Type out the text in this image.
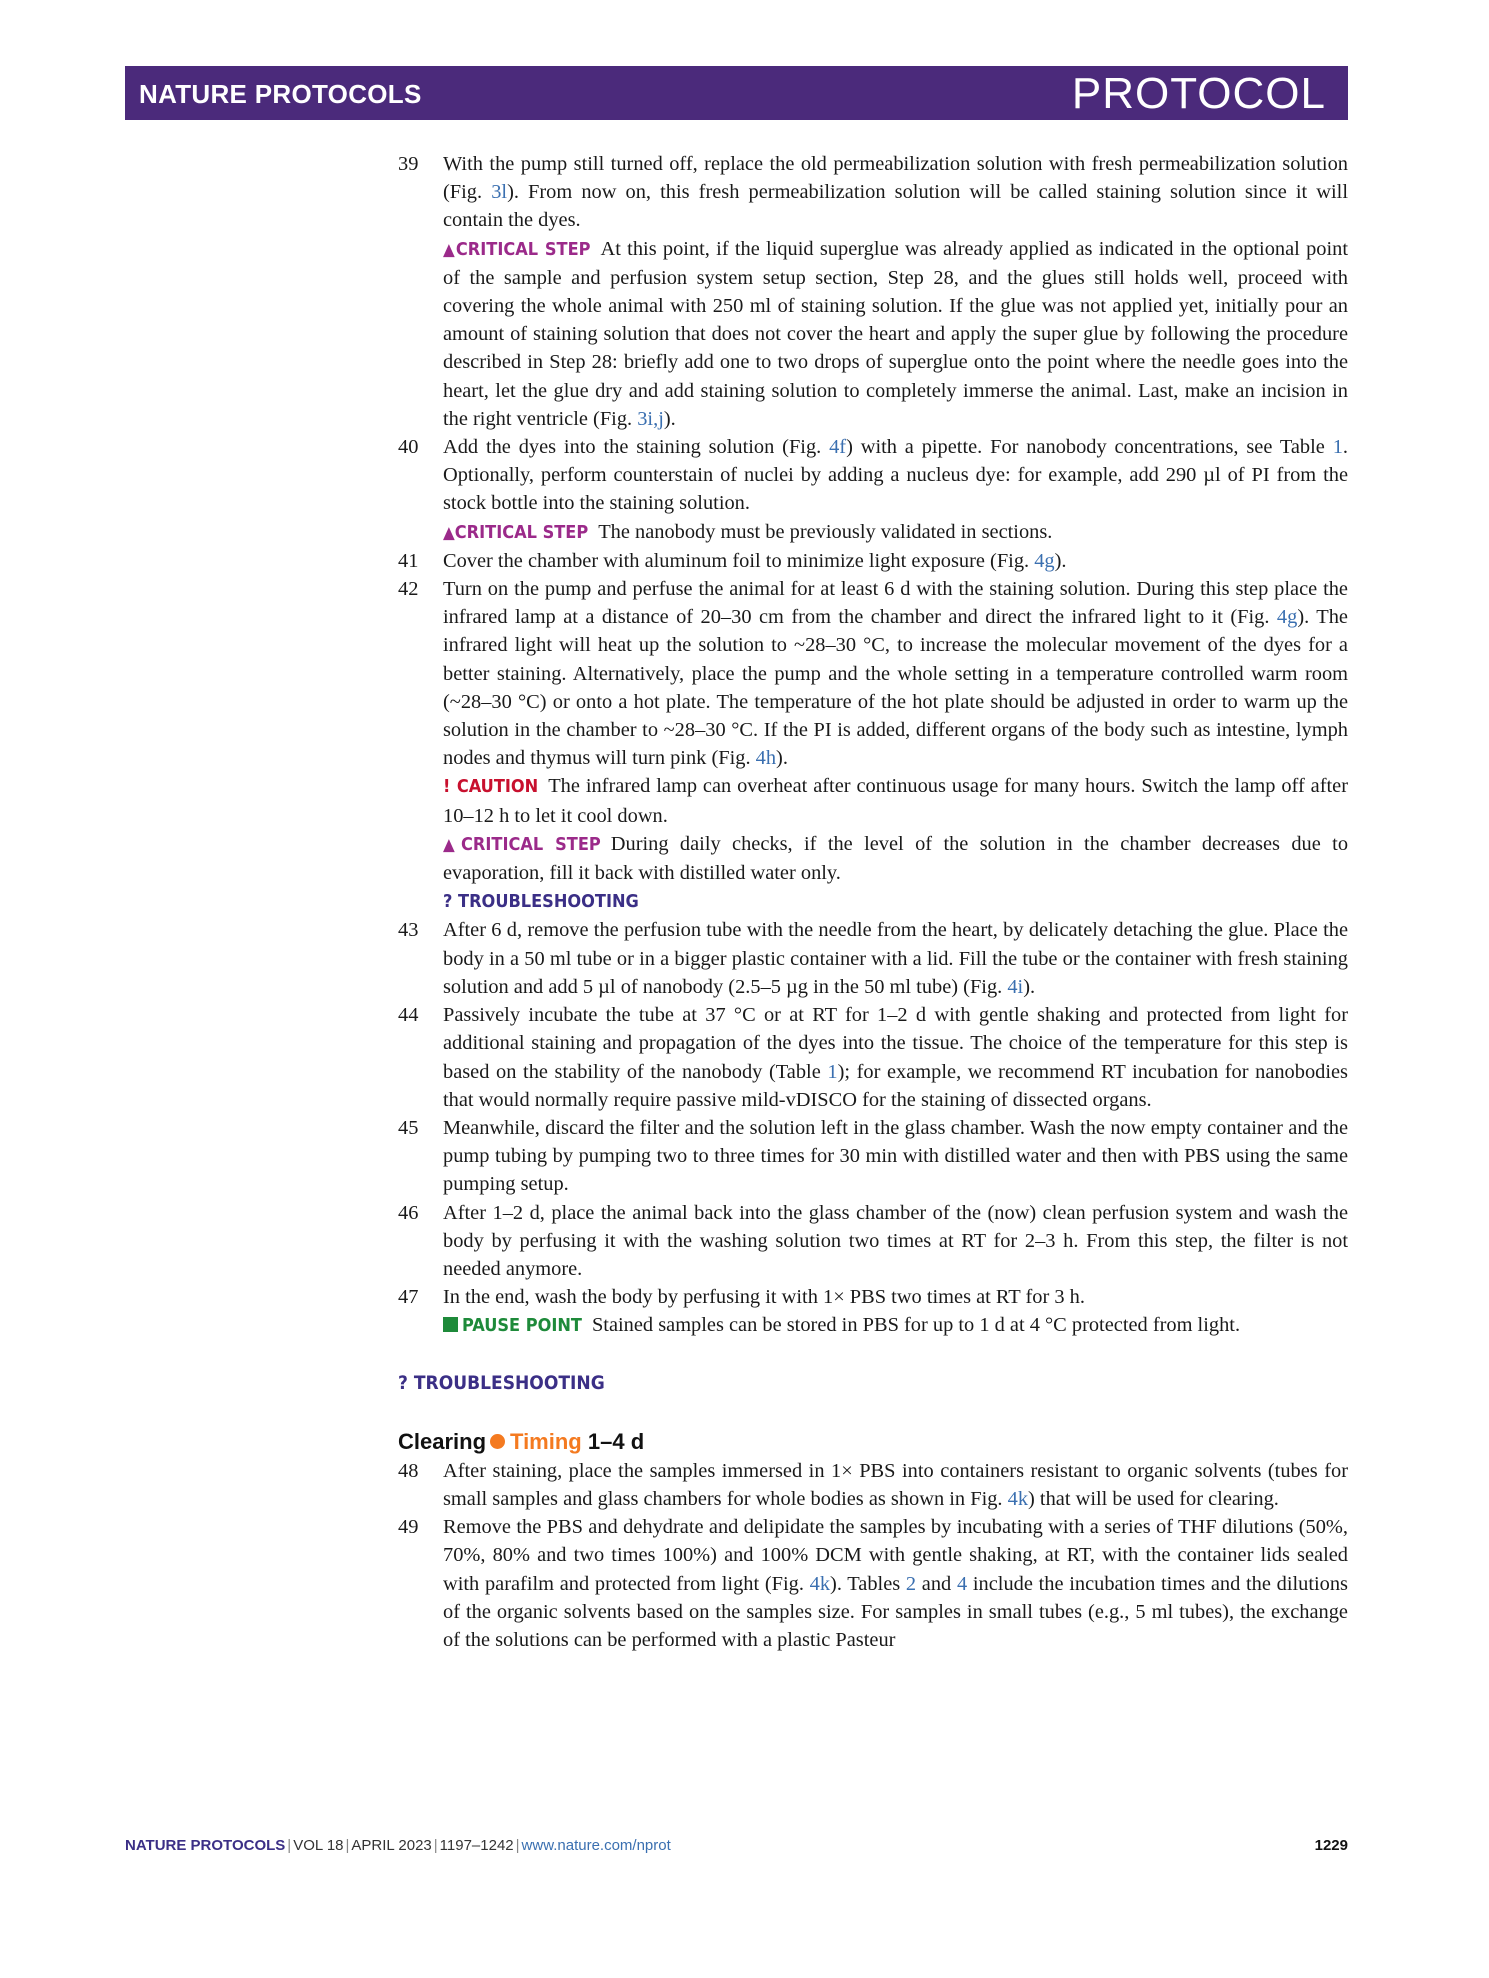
NATURE PROTOCOLS	PROTOCOL
39 With the pump still turned off, replace the old permeabilization solution with fresh permeabilization solution (Fig. 3l). From now on, this fresh permeabilization solution will be called staining solution since it will contain the dyes.
▲CRITICAL STEP At this point, if the liquid superglue was already applied as indicated in the optional point of the sample and perfusion system setup section, Step 28, and the glues still holds well, proceed with covering the whole animal with 250 ml of staining solution. If the glue was not applied yet, initially pour an amount of staining solution that does not cover the heart and apply the super glue by following the procedure described in Step 28: briefly add one to two drops of superglue onto the point where the needle goes into the heart, let the glue dry and add staining solution to completely immerse the animal. Last, make an incision in the right ventricle (Fig. 3i,j).
40 Add the dyes into the staining solution (Fig. 4f) with a pipette. For nanobody concentrations, see Table 1. Optionally, perform counterstain of nuclei by adding a nucleus dye: for example, add 290 µl of PI from the stock bottle into the staining solution.
▲CRITICAL STEP The nanobody must be previously validated in sections.
41 Cover the chamber with aluminum foil to minimize light exposure (Fig. 4g).
42 Turn on the pump and perfuse the animal for at least 6 d with the staining solution. During this step place the infrared lamp at a distance of 20–30 cm from the chamber and direct the infrared light to it (Fig. 4g). The infrared light will heat up the solution to ~28–30 °C, to increase the molecular movement of the dyes for a better staining. Alternatively, place the pump and the whole setting in a temperature controlled warm room (~28–30 °C) or onto a hot plate. The temperature of the hot plate should be adjusted in order to warm up the solution in the chamber to ~28–30 °C. If the PI is added, different organs of the body such as intestine, lymph nodes and thymus will turn pink (Fig. 4h).
! CAUTION The infrared lamp can overheat after continuous usage for many hours. Switch the lamp off after 10–12 h to let it cool down.
▲CRITICAL STEP During daily checks, if the level of the solution in the chamber decreases due to evaporation, fill it back with distilled water only.
? TROUBLESHOOTING
43 After 6 d, remove the perfusion tube with the needle from the heart, by delicately detaching the glue. Place the body in a 50 ml tube or in a bigger plastic container with a lid. Fill the tube or the container with fresh staining solution and add 5 µl of nanobody (2.5–5 µg in the 50 ml tube) (Fig. 4i).
44 Passively incubate the tube at 37 °C or at RT for 1–2 d with gentle shaking and protected from light for additional staining and propagation of the dyes into the tissue. The choice of the temperature for this step is based on the stability of the nanobody (Table 1); for example, we recommend RT incubation for nanobodies that would normally require passive mild-vDISCO for the staining of dissected organs.
45 Meanwhile, discard the filter and the solution left in the glass chamber. Wash the now empty container and the pump tubing by pumping two to three times for 30 min with distilled water and then with PBS using the same pumping setup.
46 After 1–2 d, place the animal back into the glass chamber of the (now) clean perfusion system and wash the body by perfusing it with the washing solution two times at RT for 2–3 h. From this step, the filter is not needed anymore.
47 In the end, wash the body by perfusing it with 1× PBS two times at RT for 3 h.
PAUSE POINT Stained samples can be stored in PBS for up to 1 d at 4 °C protected from light.
? TROUBLESHOOTING
Clearing Timing 1–4 d
48 After staining, place the samples immersed in 1× PBS into containers resistant to organic solvents (tubes for small samples and glass chambers for whole bodies as shown in Fig. 4k) that will be used for clearing.
49 Remove the PBS and dehydrate and delipidate the samples by incubating with a series of THF dilutions (50%, 70%, 80% and two times 100%) and 100% DCM with gentle shaking, at RT, with the container lids sealed with parafilm and protected from light (Fig. 4k). Tables 2 and 4 include the incubation times and the dilutions of the organic solvents based on the samples size. For samples in small tubes (e.g., 5 ml tubes), the exchange of the solutions can be performed with a plastic Pasteur
NATURE PROTOCOLS | VOL 18 | APRIL 2023 | 1197–1242 | www.nature.com/nprot	1229
